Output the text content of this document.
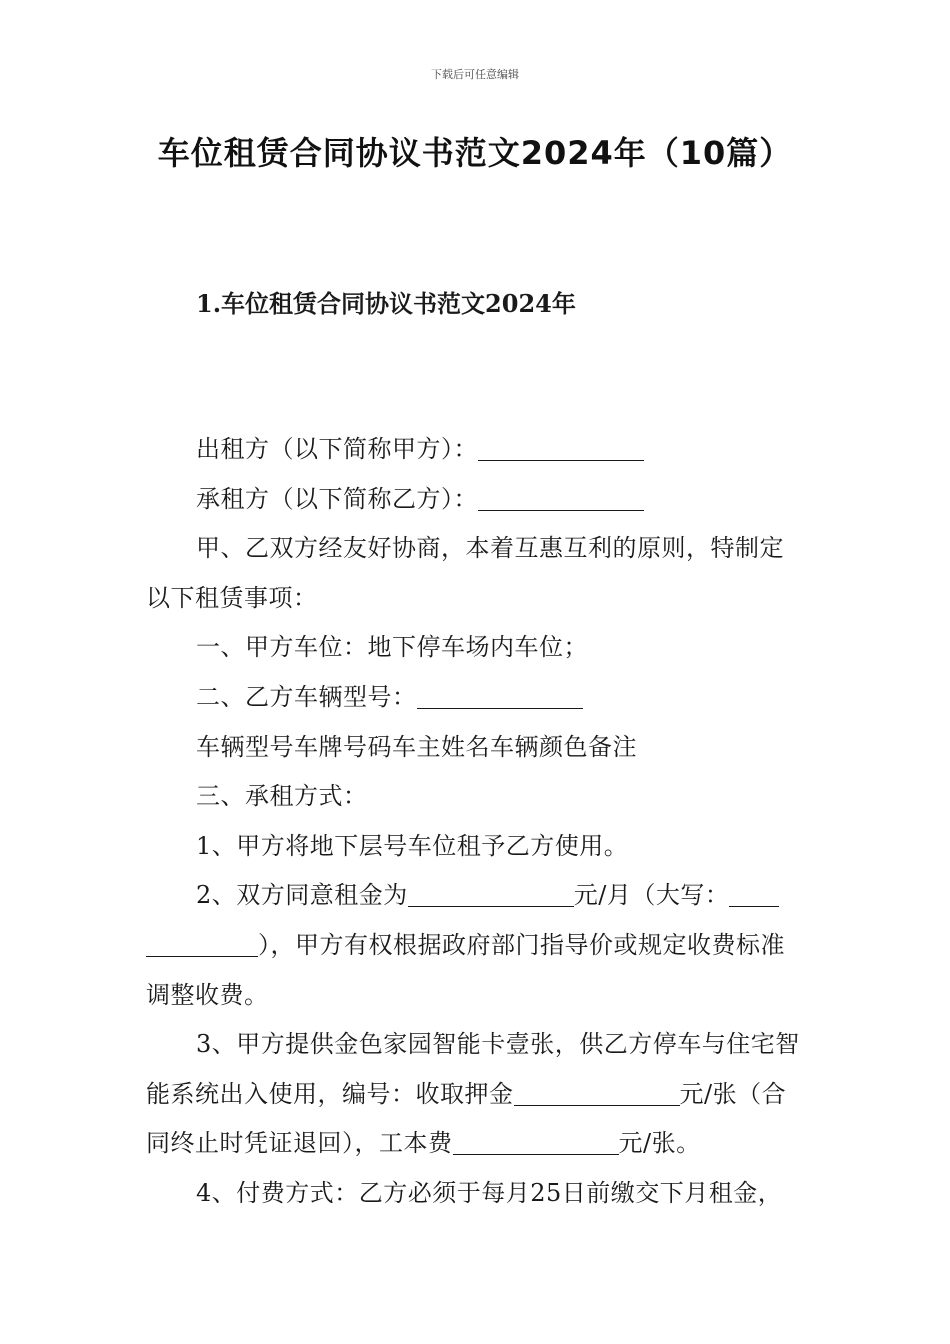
下载后可任意编辑
车位租赁合同协议书范文2024年（10篇）
1.车位租赁合同协议书范文2024年

出租方（以下简称甲方）：

承租方（以下简称乙方）：

甲、乙双方经友好协商，本着互惠互利的原则，特制定以下租赁事项：

一、甲方车位：地下停车场内车位；

二、乙方车辆型号：

车辆型号车牌号码车主姓名车辆颜色备注

三、承租方式：

1、甲方将地下层号车位租予乙方使用。

2、双方同意租金为	元/月（大写：），甲方有权根据政府部门指导价或规定收费标准调整收费。

3、甲方提供金色家园智能卡壹张，供乙方停车与住宅智能系统出入使用，编号：收取押金	元/张（合同终止时凭证退回），工本费	元/张。

4、付费方式：乙方必须于每月25日前缴交下月租金，
